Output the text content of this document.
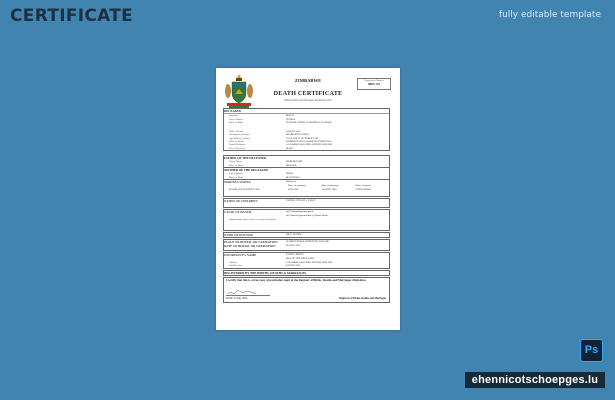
CERTIFICATE	fully editable template
ZIMBABWE
DEATH CERTIFICATE
Births Deaths and Marriages Registration Act
Registration Number
3803 121
DECEASED
Surname	MOYO
Given Names	TENDAI
Place of Birth	HARARE CENTRAL HOSPITAL HARARE
Date of Death	24 JULY 2022
Occupation at Death	RETIRED TEACHER
Age & Date of Birth	78 YEARS 12 OCTOBER 1943
Place of Death	PARIRENYATWA GROUP OF HOSPITALS
Usual Residence	14 SAMORA MACHEL AVENUE HARARE
Sex of Deceased	MALE
FATHER OF THE DECEASED
Given Names	SIMBARASHE
Place of Birth	MUTARE
MOTHER OF THE DECEASED
Given Names	RUDO
Place of Birth	MASVINGO
MARITAL STATUS	Widowed
Place of marriage	Date of marriage	Name of spouse
MARRIAGE PARTICULARS	HARARE	14 JUNE 1969	CHIPO MOYO
NAMES OF CHILDREN	TAPIWA, NYASHA, FARAI
CAUSE OF DEATH	(a) Cardiopulmonary arrest
(b) Chronic hypertension (c) Renal failure
Approximate interval between onset and death
NAME OF DOCTOR	DR T. NCUBE
PLACE OF BURIAL OR CREMATION	WARREN HILLS CEMETERY HARARE
DATE OF BURIAL OR CREMATION	30 JULY 2022
INFORMANT'S NAME	TAPIWA MOYO
SON OF THE DECEASED
Address	14 SAMORA MACHEL AVENUE HARARE
Qualification	24 JULY 2022
REGISTERED BY THE BIRTHS, DEATHS & MARRIAGES
I certify that this is a true copy of particulars kept in the Register of Births, Deaths and Marriages Zimbabwe.
DATE: 25 July 2022	Registrar of Births, Deaths and Marriages
Ps
ehennicotschoepges.lu
